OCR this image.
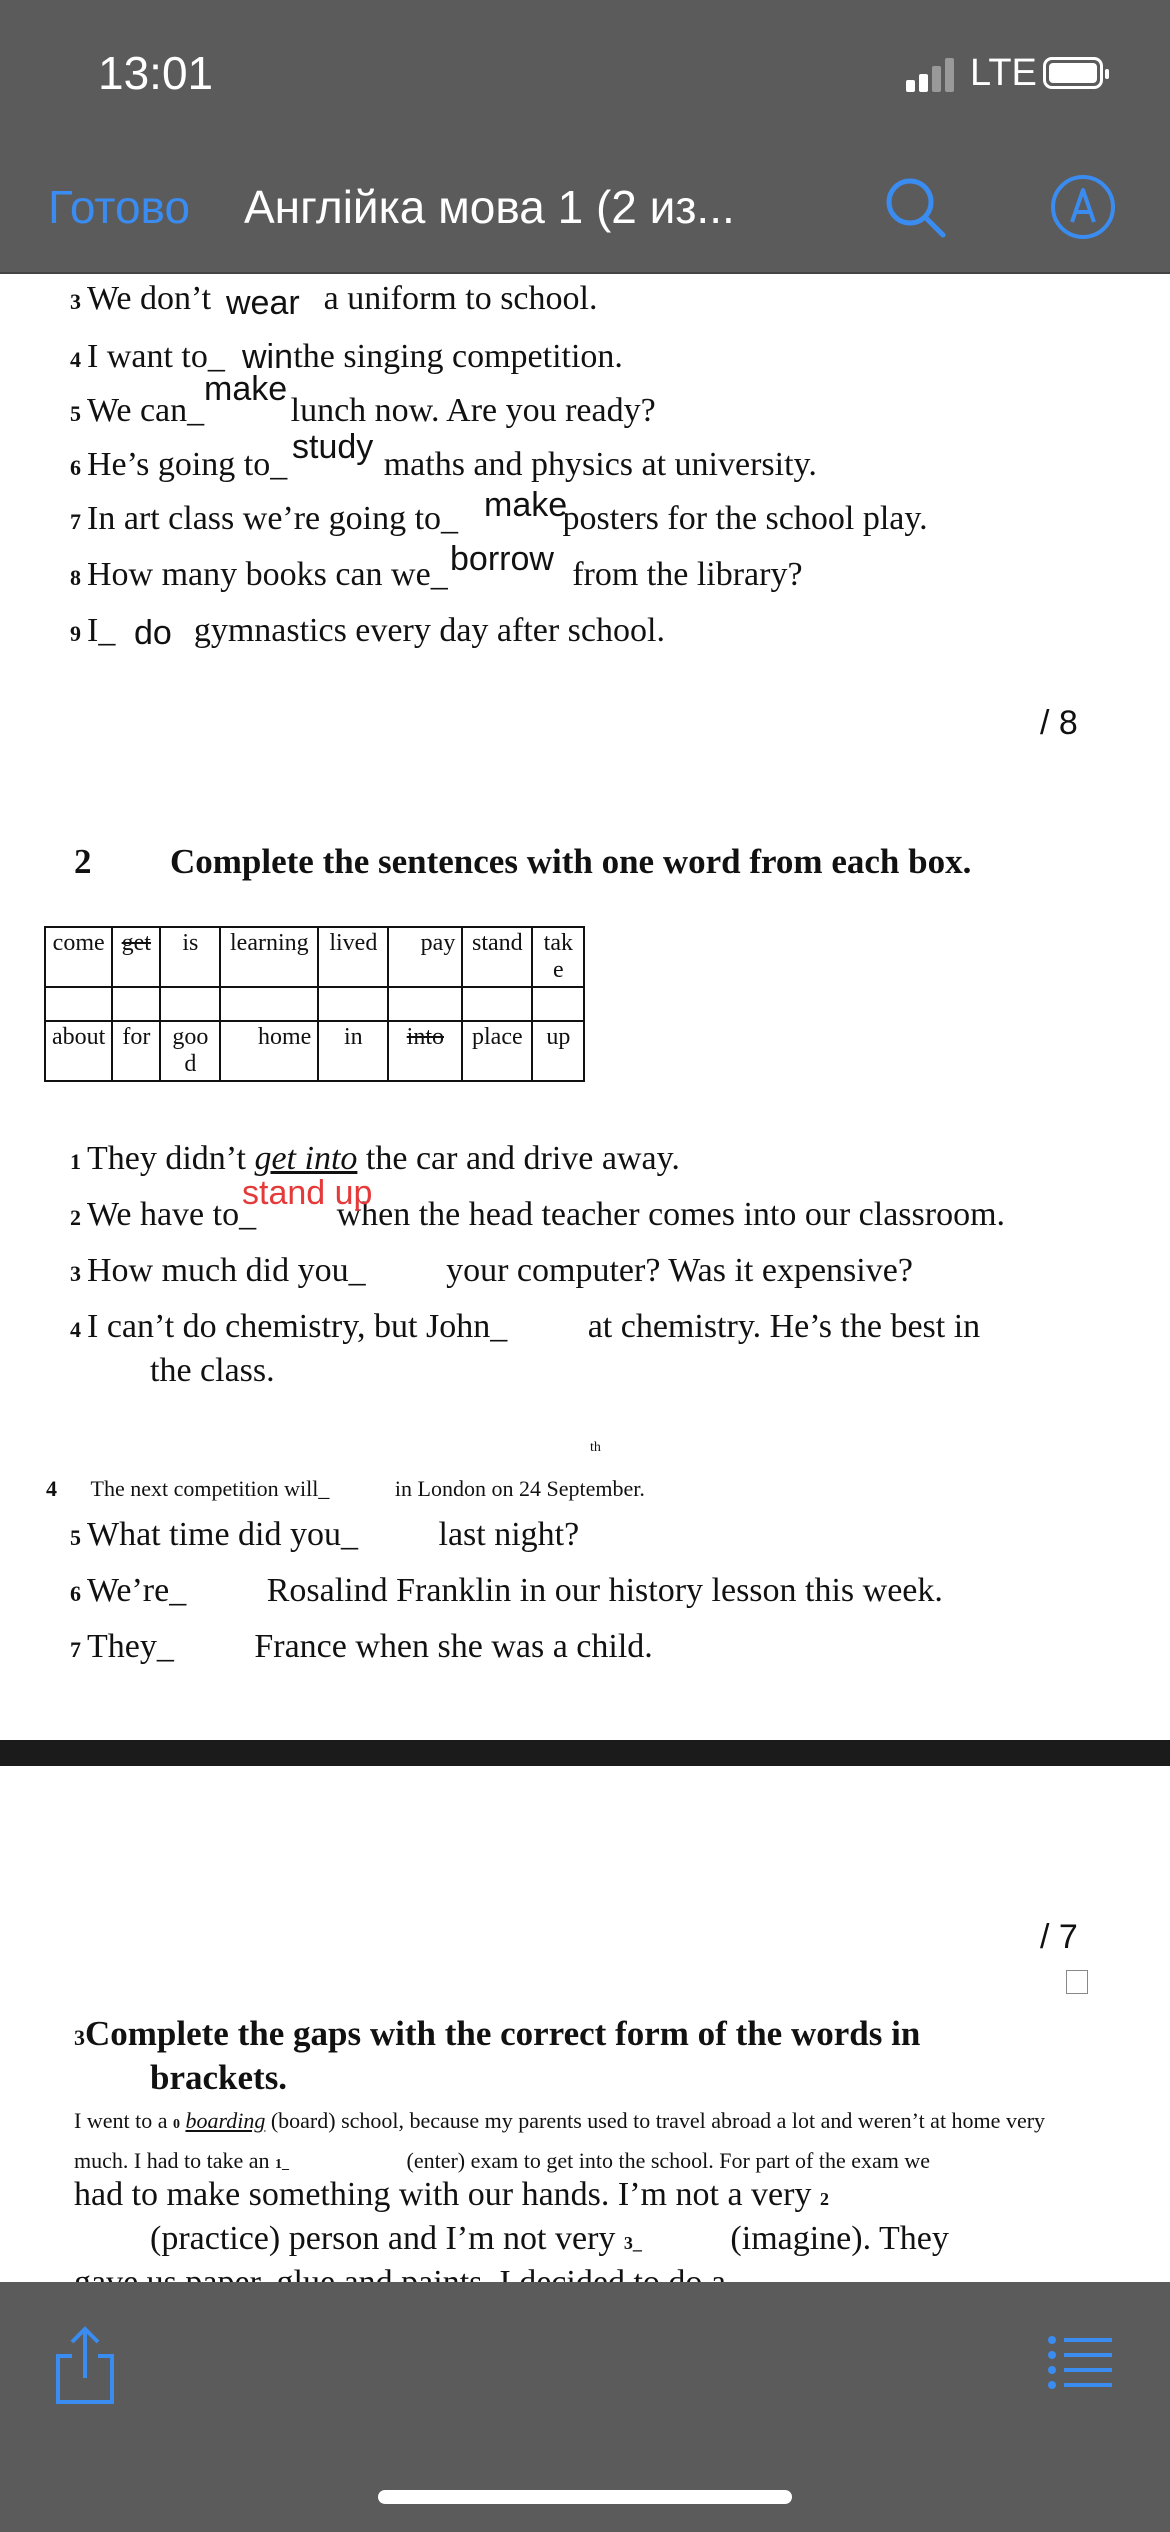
13:01	LTE
Готово Англійка мова 1 (2 из...
3 We don’t	a uniform to school.
wear
4 I want to_ the singing competition.
win
5 We can_	lunch now. Are you ready?
make
6 He’s going to_	maths and physics at university.
study
7 In art class we’re going to_	posters for the school play.
make
8 How many books can we_	from the library?
borrow
9 I_ gymnastics every day after school.
do
/ 8
2 Complete the sentences with one word from each box.
come	get	is	learning	lived	pay	stand	tak e

about	for	goo d	home	in	into	place	up
1 They didn’t get into the car and drive away.
2 We have to_ when the head teacher comes into our classroom.
stand up
3 How much did you_ your computer? Was it expensive?
4 I can’t do chemistry, but John_ at chemistry. He’s the best in
the class.
th
4 The next competition will_	in London on 24 September.
5 What time did you_ last night?
6 We’re_ Rosalind Franklin in our history lesson this week.
7 They_ France when she was a child.
/ 7
3Complete the gaps with the correct form of the words in
brackets.
I went to a 0 boarding (board) school, because my parents used to travel abroad a lot and weren’t at home very
much. I had to take an 1_	(enter) exam to get into the school. For part of the exam we
had to make something with our hands. I’m not a very 2
(practice) person and I’m not very 3_	(imagine). They
